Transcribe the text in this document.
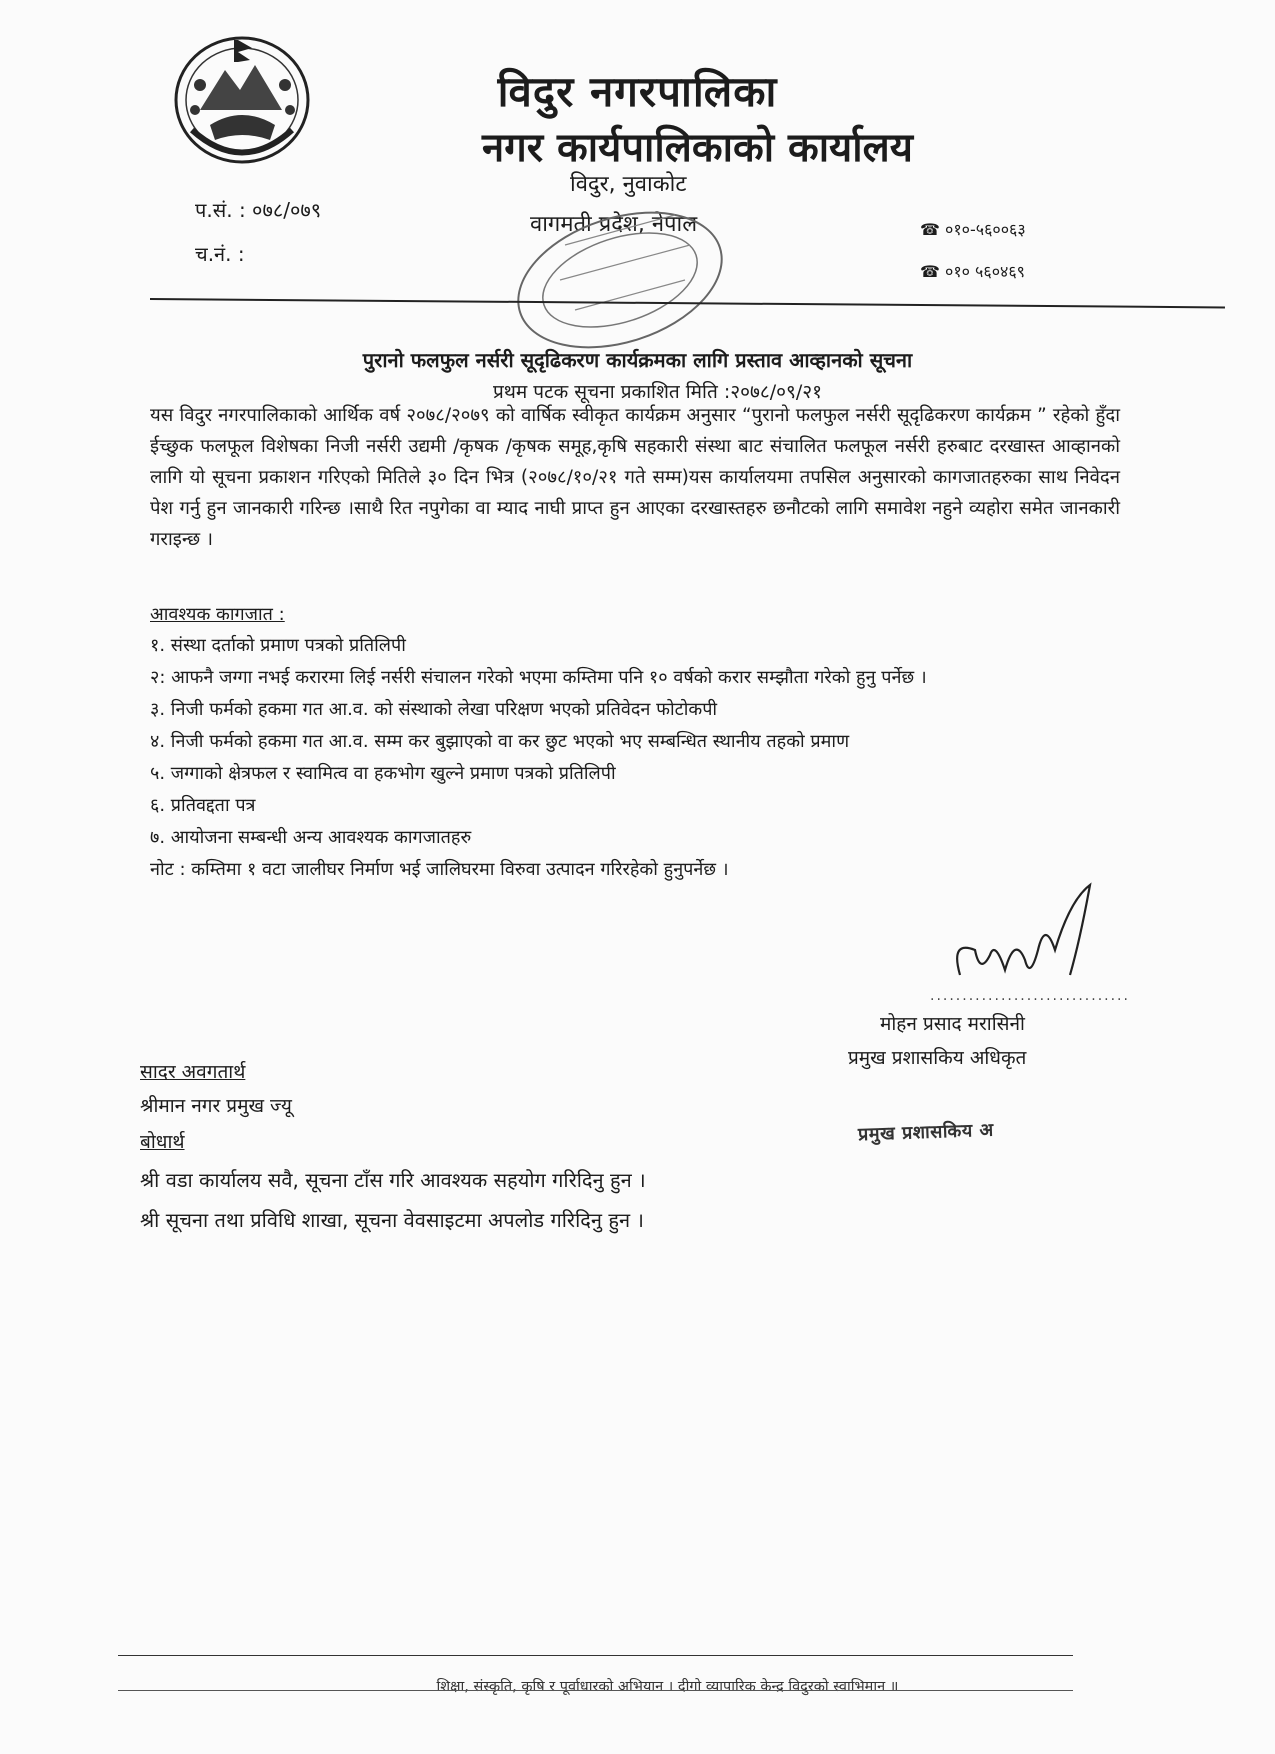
विदुर नगरपालिका
नगर कार्यपालिकाको कार्यालय
विदुर, नुवाकोट
वागमती प्रदेश, नेपाल
प.सं. : ०७८/०७९
च.नं. :
☎ ०१०-५६००६३
☎ ०१० ५६०४६९
पुरानो फलफुल नर्सरी सूदृढिकरण कार्यक्रमका लागि प्रस्ताव आव्हानको सूचना
प्रथम पटक सूचना प्रकाशित मिति :२०७८/०९/२१
यस विदुर नगरपालिकाको आर्थिक वर्ष २०७८/२०७९ को वार्षिक स्वीकृत कार्यक्रम अनुसार “पुरानो फलफुल नर्सरी सूदृढिकरण कार्यक्रम ” रहेको हुँदा ईच्छुक फलफूल विशेषका निजी नर्सरी उद्यमी /कृषक /कृषक समूह,कृषि सहकारी संस्था बाट संचालित फलफूल नर्सरी हरुबाट दरखास्त आव्हानको लागि यो सूचना प्रकाशन गरिएको मितिले ३० दिन भित्र (२०७८/१०/२१ गते सम्म)यस कार्यालयमा तपसिल अनुसारको कागजातहरुका साथ निवेदन पेश गर्नु हुन जानकारी गरिन्छ ।साथै रित नपुगेका वा म्याद नाघी प्राप्त हुन आएका दरखास्तहरु छनौटको लागि समावेश नहुने व्यहोरा समेत जानकारी गराइन्छ ।
आवश्यक कागजात :
१. संस्था दर्ताको प्रमाण पत्रको प्रतिलिपी
२: आफनै जग्गा नभई करारमा लिई नर्सरी संचालन गरेको भएमा कम्तिमा पनि १० वर्षको करार सम्झौता गरेको हुनु पर्नेछ ।
३. निजी फर्मको हकमा गत आ.व. को संस्थाको लेखा परिक्षण भएको प्रतिवेदन फोटोकपी
४. निजी फर्मको हकमा गत आ.व. सम्म कर बुझाएको वा कर छुट भएको भए सम्बन्धित स्थानीय तहको प्रमाण
५. जग्गाको क्षेत्रफल र स्वामित्व वा हकभोग खुल्ने प्रमाण पत्रको प्रतिलिपी
६. प्रतिवद्दता पत्र
७. आयोजना सम्बन्धी अन्य आवश्यक कागजातहरु
नोट : कम्तिमा १ वटा जालीघर निर्माण भई जालिघरमा विरुवा उत्पादन गरिरहेको हुनुपर्नेछ ।
...............................
मोहन प्रसाद मरासिनी
प्रमुख प्रशासकिय अधिकृत
प्रमुख प्रशासकिय अ
सादर अवगतार्थ
श्रीमान नगर प्रमुख ज्यू
बोधार्थ
श्री वडा कार्यालय सवै, सूचना टाँस गरि आवश्यक सहयोग गरिदिनु हुन ।
श्री सूचना तथा प्रविधि शाखा, सूचना वेवसाइटमा अपलोड गरिदिनु हुन ।
शिक्षा, संस्कृति, कृषि र पूर्वाधारको अभियान । दीगो व्यापारिक केन्द्र विदुरको स्वाभिमान ॥
